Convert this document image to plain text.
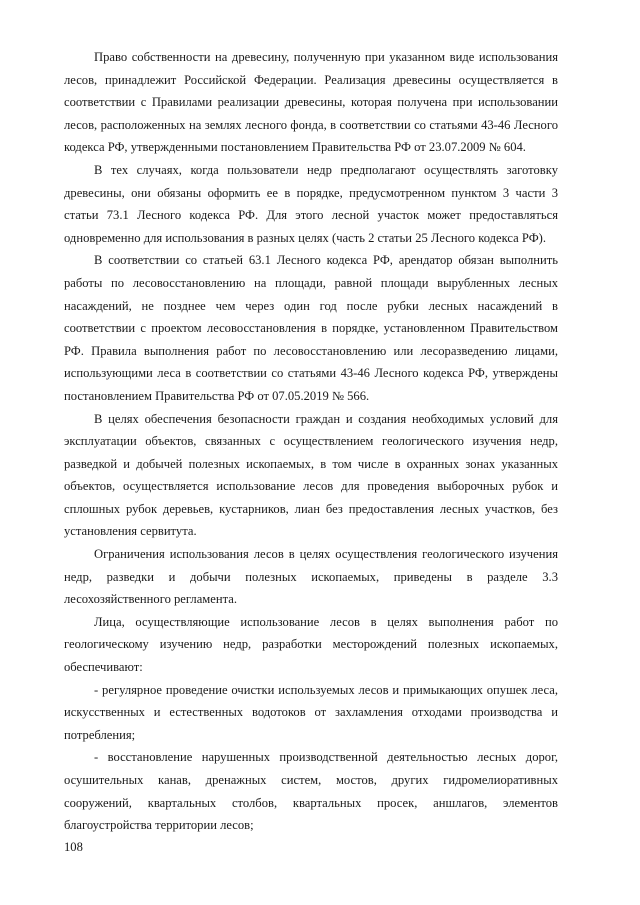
Право собственности на древесину, полученную при указанном виде использования лесов, принадлежит Российской Федерации. Реализация древесины осуществляется в соответствии с Правилами реализации древесины, которая получена при использовании лесов, расположенных на землях лесного фонда, в соответствии со статьями 43-46 Лесного кодекса РФ, утвержденными постановлением Правительства РФ от 23.07.2009 № 604.

В тех случаях, когда пользователи недр предполагают осуществлять заготовку древесины, они обязаны оформить ее в порядке, предусмотренном пунктом 3 части 3 статьи 73.1 Лесного кодекса РФ. Для этого лесной участок может предоставляться одновременно для использования в разных целях (часть 2 статьи 25 Лесного кодекса РФ).

В соответствии со статьей 63.1 Лесного кодекса РФ, арендатор обязан выполнить работы по лесовосстановлению на площади, равной площади вырубленных лесных насаждений, не позднее чем через один год после рубки лесных насаждений в соответствии с проектом лесовосстановления в порядке, установленном Правительством РФ. Правила выполнения работ по лесовосстановлению или лесоразведению лицами, использующими леса в соответствии со статьями 43-46 Лесного кодекса РФ, утверждены постановлением Правительства РФ от 07.05.2019 № 566.

В целях обеспечения безопасности граждан и создания необходимых условий для эксплуатации объектов, связанных с осуществлением геологического изучения недр, разведкой и добычей полезных ископаемых, в том числе в охранных зонах указанных объектов, осуществляется использование лесов для проведения выборочных рубок и сплошных рубок деревьев, кустарников, лиан без предоставления лесных участков, без установления сервитута.

Ограничения использования лесов в целях осуществления геологического изучения недр, разведки и добычи полезных ископаемых, приведены в разделе 3.3 лесохозяйственного регламента.

Лица, осуществляющие использование лесов в целях выполнения работ по геологическому изучению недр, разработки месторождений полезных ископаемых, обеспечивают:

- регулярное проведение очистки используемых лесов и примыкающих опушек леса, искусственных и естественных водотоков от захламления отходами производства и потребления;

- восстановление нарушенных производственной деятельностью лесных дорог, осушительных канав, дренажных систем, мостов, других гидромелиоративных сооружений, квартальных столбов, квартальных просек, аншлагов, элементов благоустройства территории лесов;

108
